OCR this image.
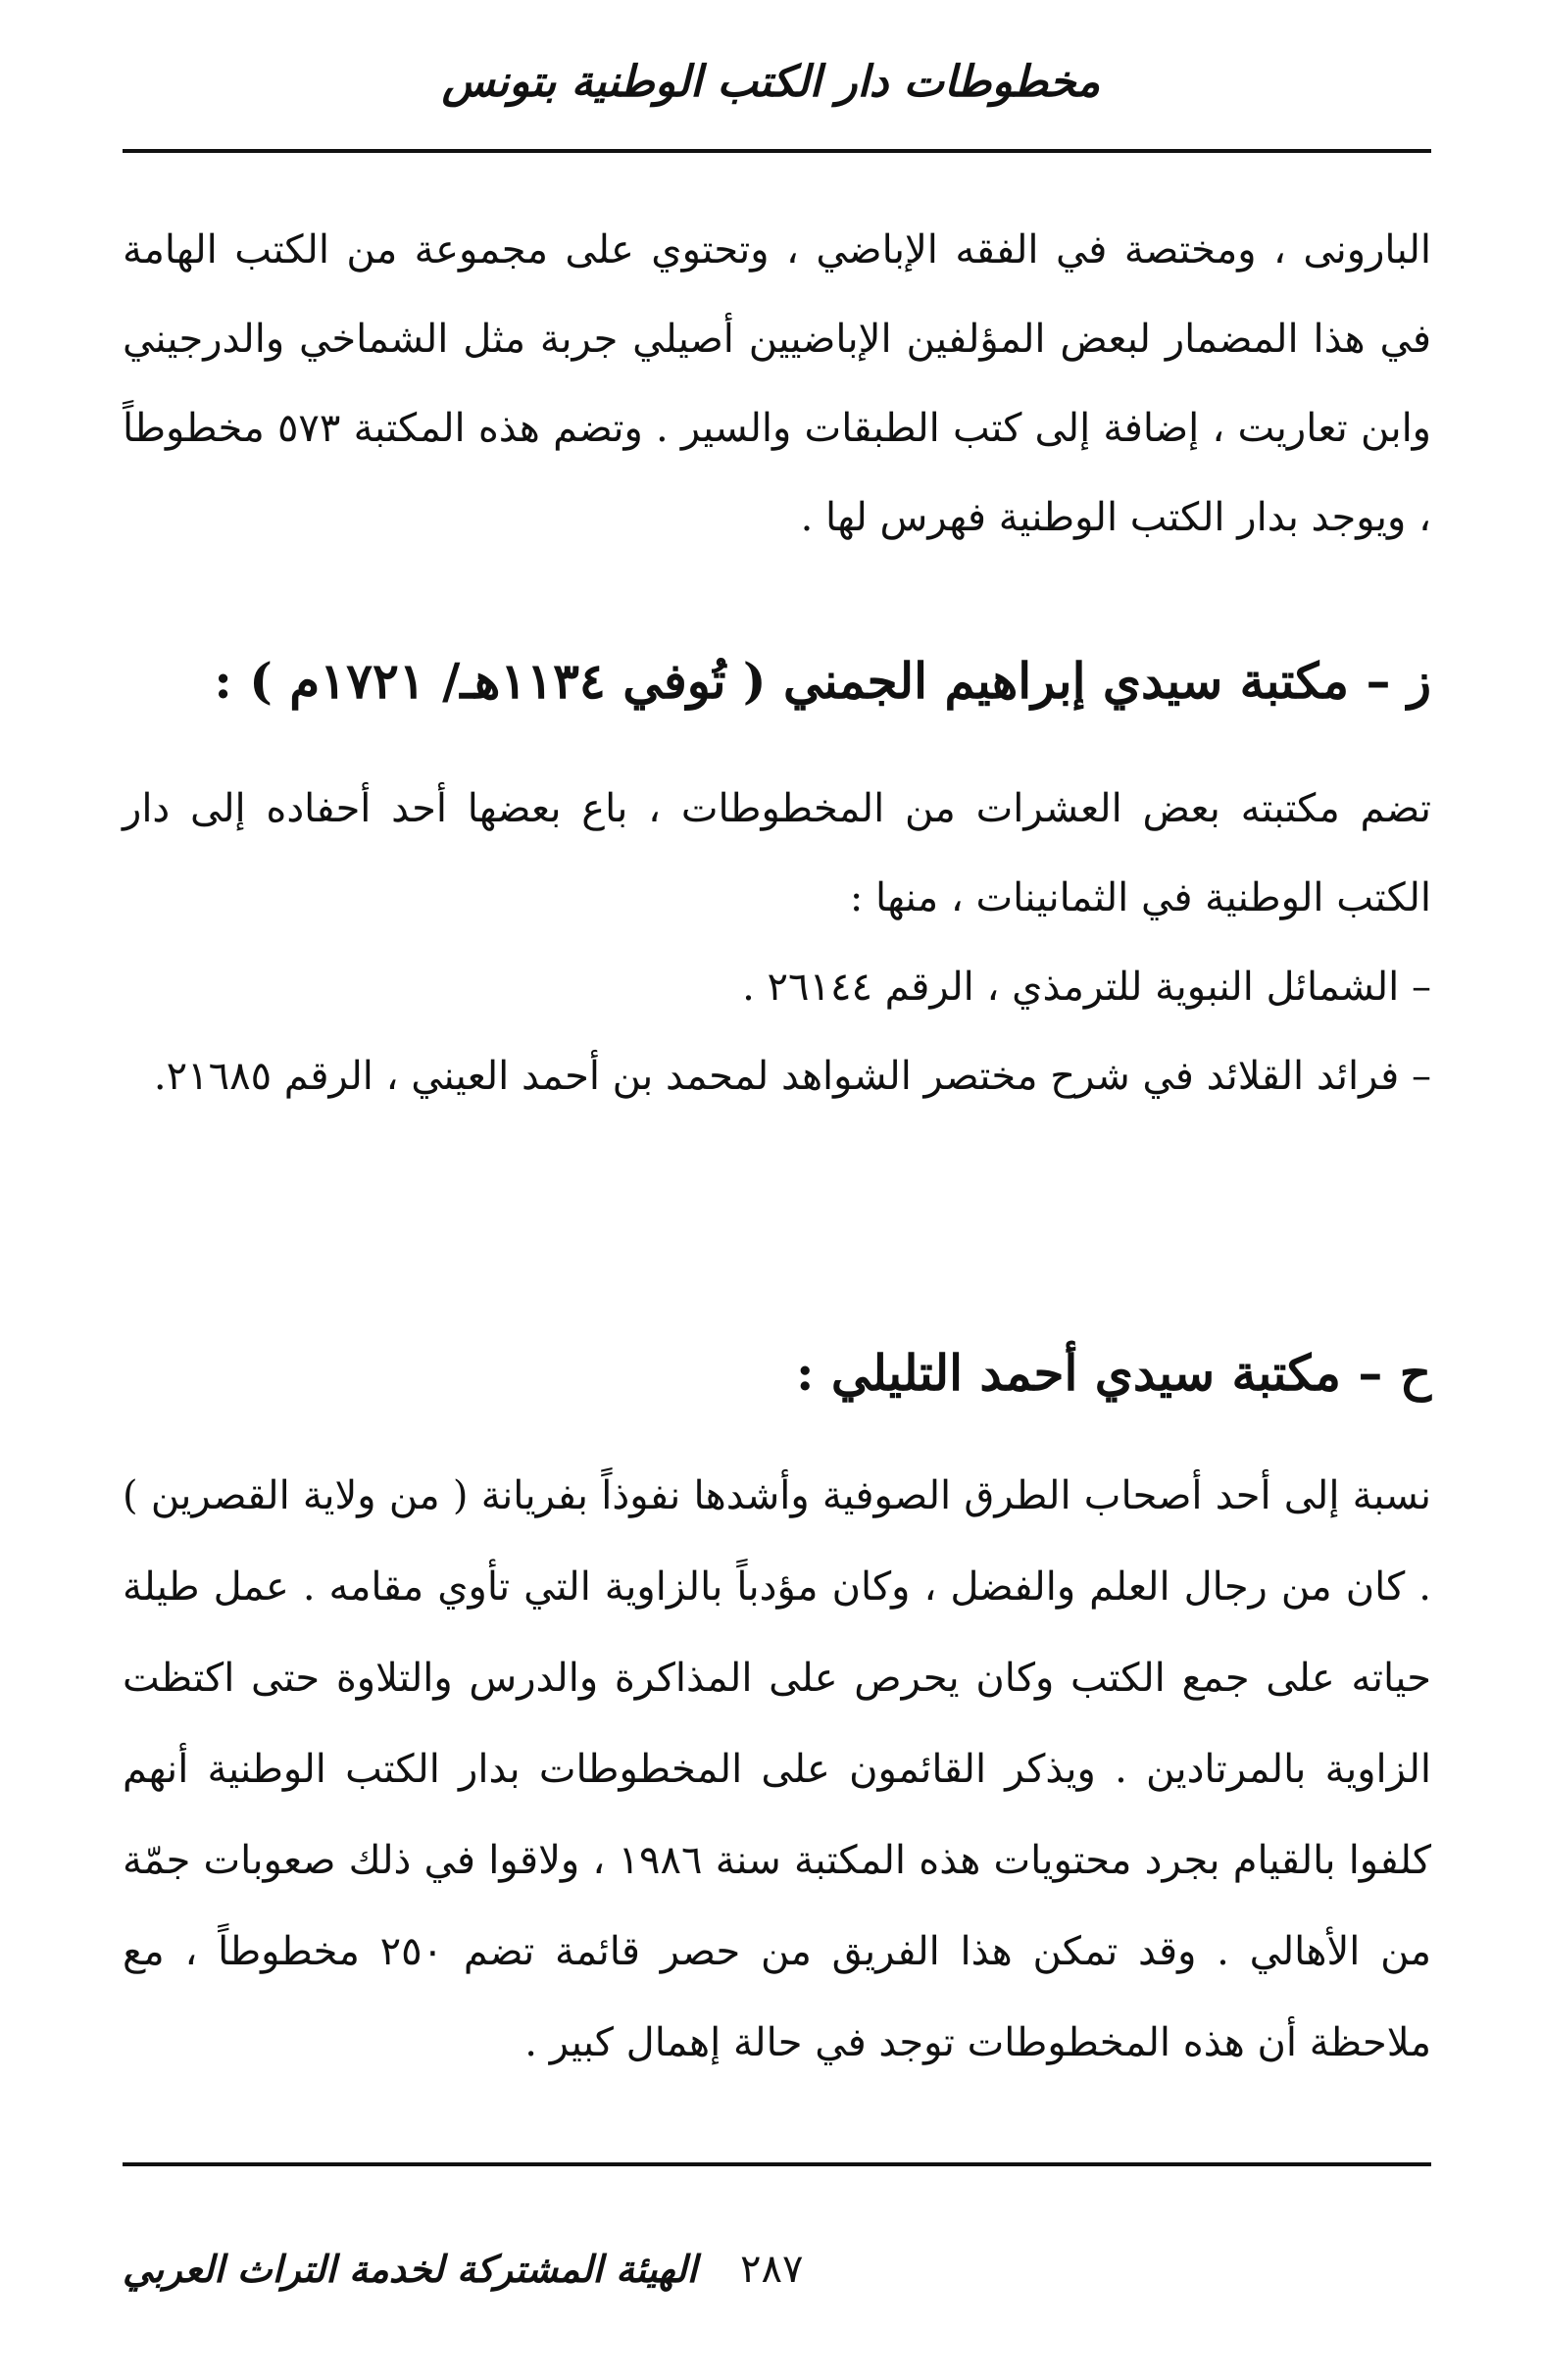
مخطوطات دار الكتب الوطنية بتونس
البارونى ، ومختصة في الفقه الإباضي ، وتحتوي على مجموعة من الكتب الهامة في هذا المضمار لبعض المؤلفين الإباضيين أصيلي جربة مثل الشماخي والدرجيني وابن تعاريت ، إضافة إلى كتب الطبقات والسير . وتضم هذه المكتبة ٥٧٣ مخطوطاً ، ويوجد بدار الكتب الوطنية فهرس لها .
ز – مكتبة سيدي إبراهيم الجمني ( تُوفي ١١٣٤هـ/ ١٧٢١م ) :
تضم مكتبته بعض العشرات من المخطوطات ، باع بعضها أحد أحفاده إلى دار الكتب الوطنية في الثمانينات ، منها :
– الشمائل النبوية للترمذي ، الرقم ٢٦١٤٤ .
– فرائد القلائد في شرح مختصر الشواهد لمحمد بن أحمد العيني ، الرقم ٢١٦٨٥.
ح – مكتبة سيدي أحمد التليلي :
نسبة إلى أحد أصحاب الطرق الصوفية وأشدها نفوذاً بفريانة ( من ولاية القصرين ) . كان من رجال العلم والفضل ، وكان مؤدباً بالزاوية التي تأوي مقامه . عمل طيلة حياته على جمع الكتب وكان يحرص على المذاكرة والدرس والتلاوة حتى اكتظت الزاوية بالمرتادين . ويذكر القائمون على المخطوطات بدار الكتب الوطنية أنهم كلفوا بالقيام بجرد محتويات هذه المكتبة سنة ١٩٨٦ ، ولاقوا في ذلك صعوبات جمّة من الأهالي . وقد تمكن هذا الفريق من حصر قائمة تضم ٢٥٠ مخطوطاً ، مع ملاحظة أن هذه المخطوطات توجد في حالة إهمال كبير .
٢٨٧
الهيئة المشتركة لخدمة التراث العربي
